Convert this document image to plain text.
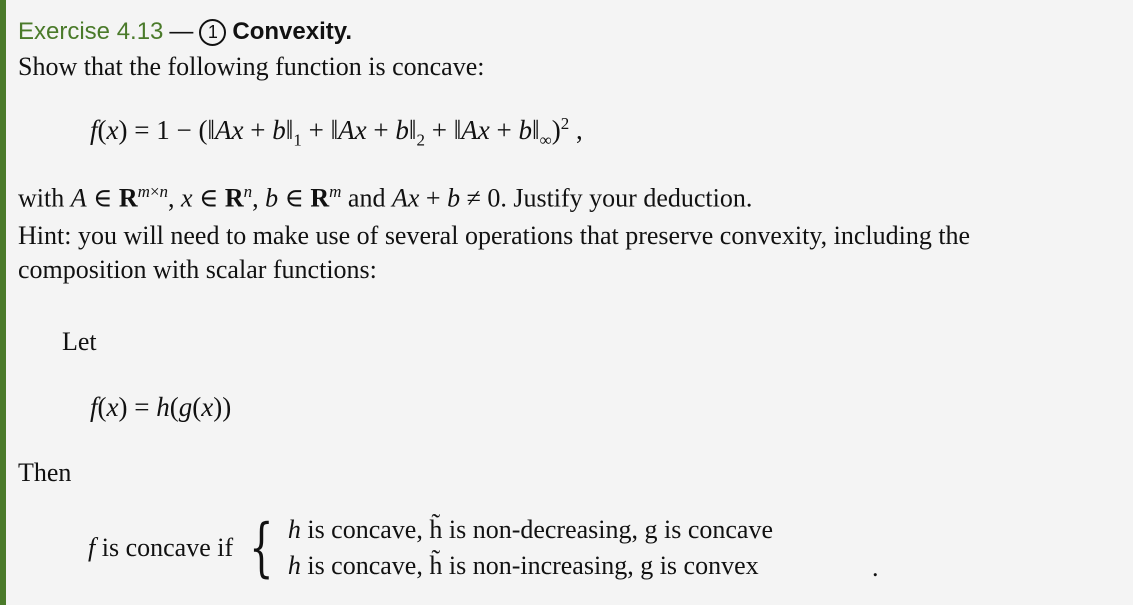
Exercise 4.13 — 1 Convexity.
Show that the following function is concave:
f(x) = 1 − (‖Ax + $b‖_1$ + ‖Ax + $b‖_2$ + ‖Ax + $b‖_\infty)^2$ ,
with A ∈ $R^{m\times n}$, x ∈ $R^n$, b ∈ $R^m$ and Ax + b ≠ 0. Justify your deduction.
Hint: you will need to make use of several operations that preserve convexity, including the
composition with scalar functions:
Let
f(x) = h(g(x))
Then
f is concave if { h is concave, h̃ is non-decreasing, g is concave
h is concave, h̃ is non-increasing, g is convex	.
